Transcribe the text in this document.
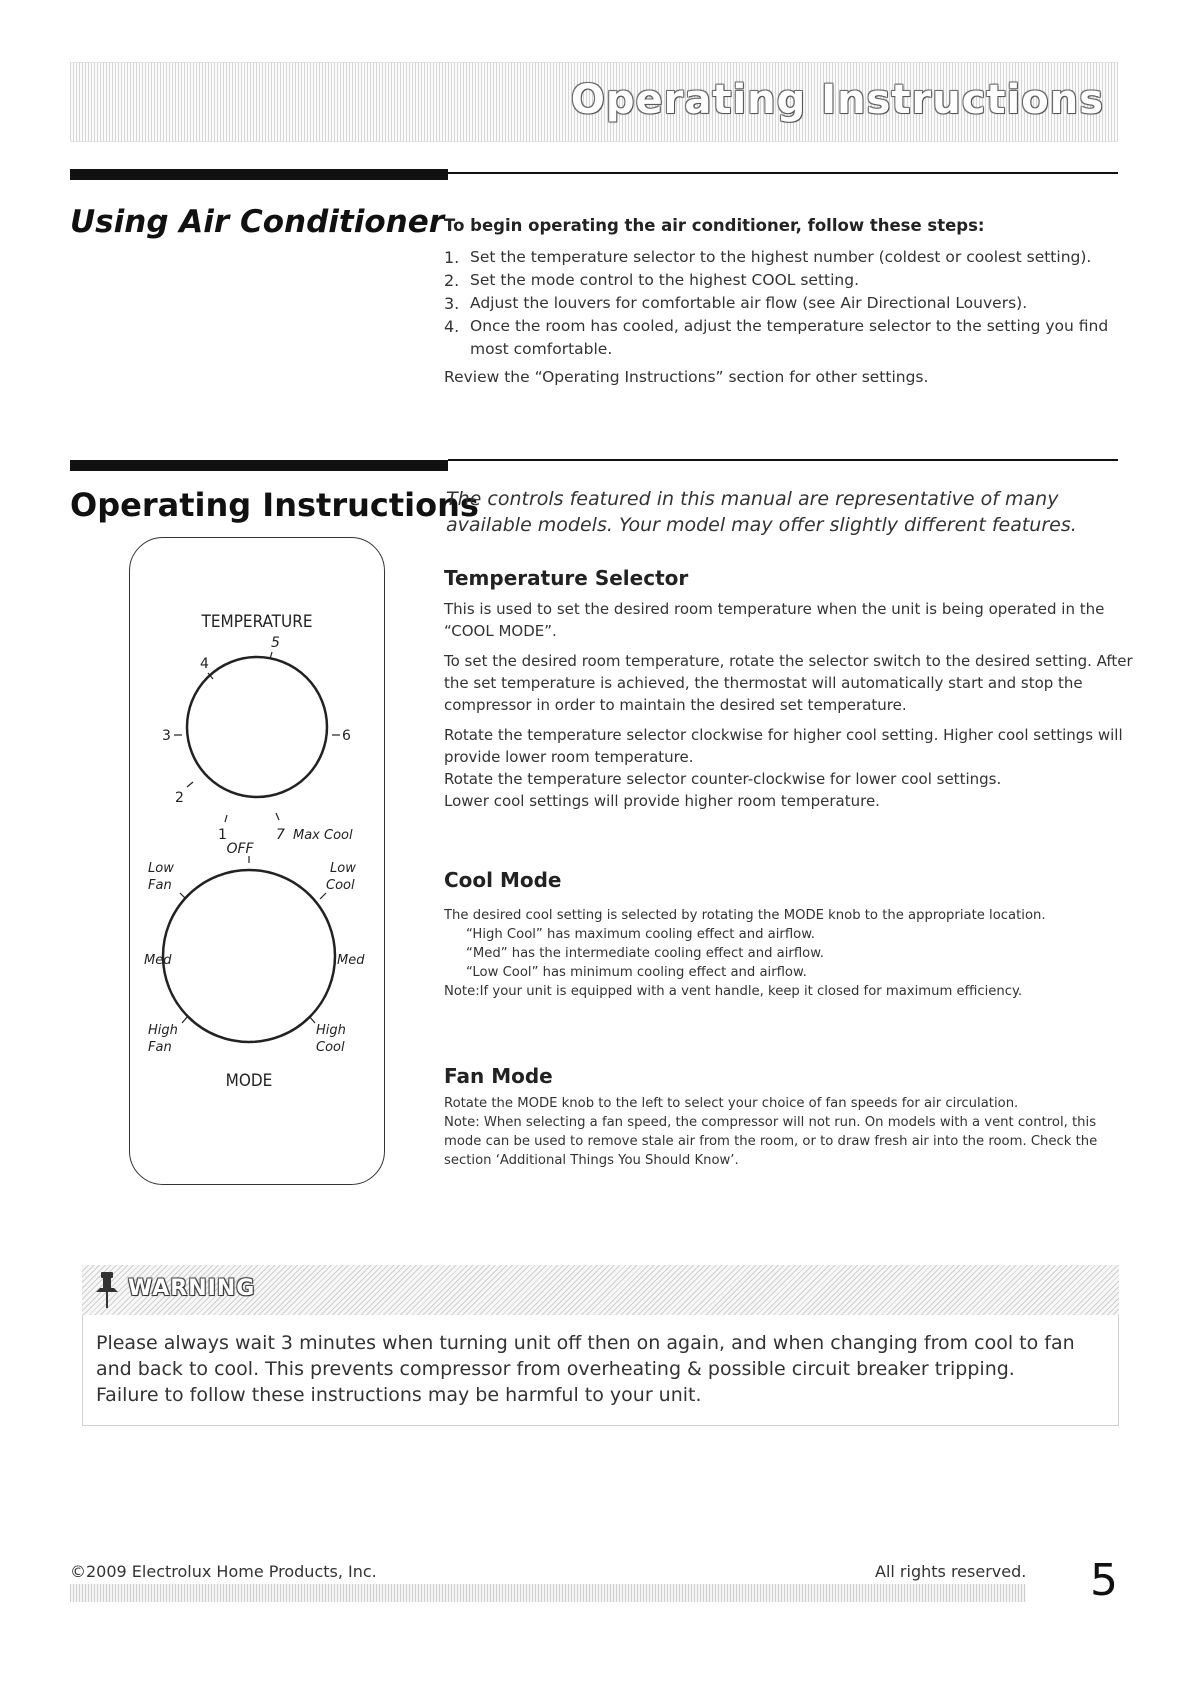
Operating Instructions
Using Air Conditioner To begin operating the air conditioner, follow these steps:
1. Set the temperature selector to the highest number (coldest or coolest setting).
2. Set the mode control to the highest COOL setting.
3. Adjust the louvers for comfortable air flow (see Air Directional Louvers).
4. Once the room has cooled, adjust the temperature selector to the setting you find most comfortable.
Review the “Operating Instructions” section for other settings.
Operating Instructions
The controls featured in this manual are representative of many available models. Your model may offer slightly different features.
TEMPERATURE
4
5
3	6
2
1	7 Max Cool
OFF
Low
Fan
Low
Cool
Med	Med
High
Fan
High
Cool
MODE
Temperature Selector

This is used to set the desired room temperature when the unit is being operated in the “COOL MODE”.

To set the desired room temperature, rotate the selector switch to the desired setting. After the set temperature is achieved, the thermostat will automatically start and stop the compressor in order to maintain the desired set temperature.

Rotate the temperature selector clockwise for higher cool setting. Higher cool settings will provide lower room temperature.

Rotate the temperature selector counter-clockwise for lower cool settings.

Lower cool settings will provide higher room temperature.

Cool Mode
The desired cool setting is selected by rotating the MODE knob to the appropriate location.
“High Cool” has maximum cooling effect and airflow.
“Med” has the intermediate cooling effect and airflow.
“Low Cool” has minimum cooling effect and airflow.
Note:If your unit is equipped with a vent handle, keep it closed for maximum efficiency.
Fan Mode
Rotate the MODE knob to the left to select your choice of fan speeds for air circulation.
Note: When selecting a fan speed, the compressor will not run. On models with a vent control, this mode can be used to remove stale air from the room, or to draw fresh air into the room. Check the section ‘Additional Things You Should Know’.
WARNING
Please always wait 3 minutes when turning unit off then on again, and when changing from cool to fan and back to cool. This prevents compressor from overheating & possible circuit breaker tripping.
Failure to follow these instructions may be harmful to your unit.
©2009 Electrolux Home Products, Inc.	All rights reserved. 5
